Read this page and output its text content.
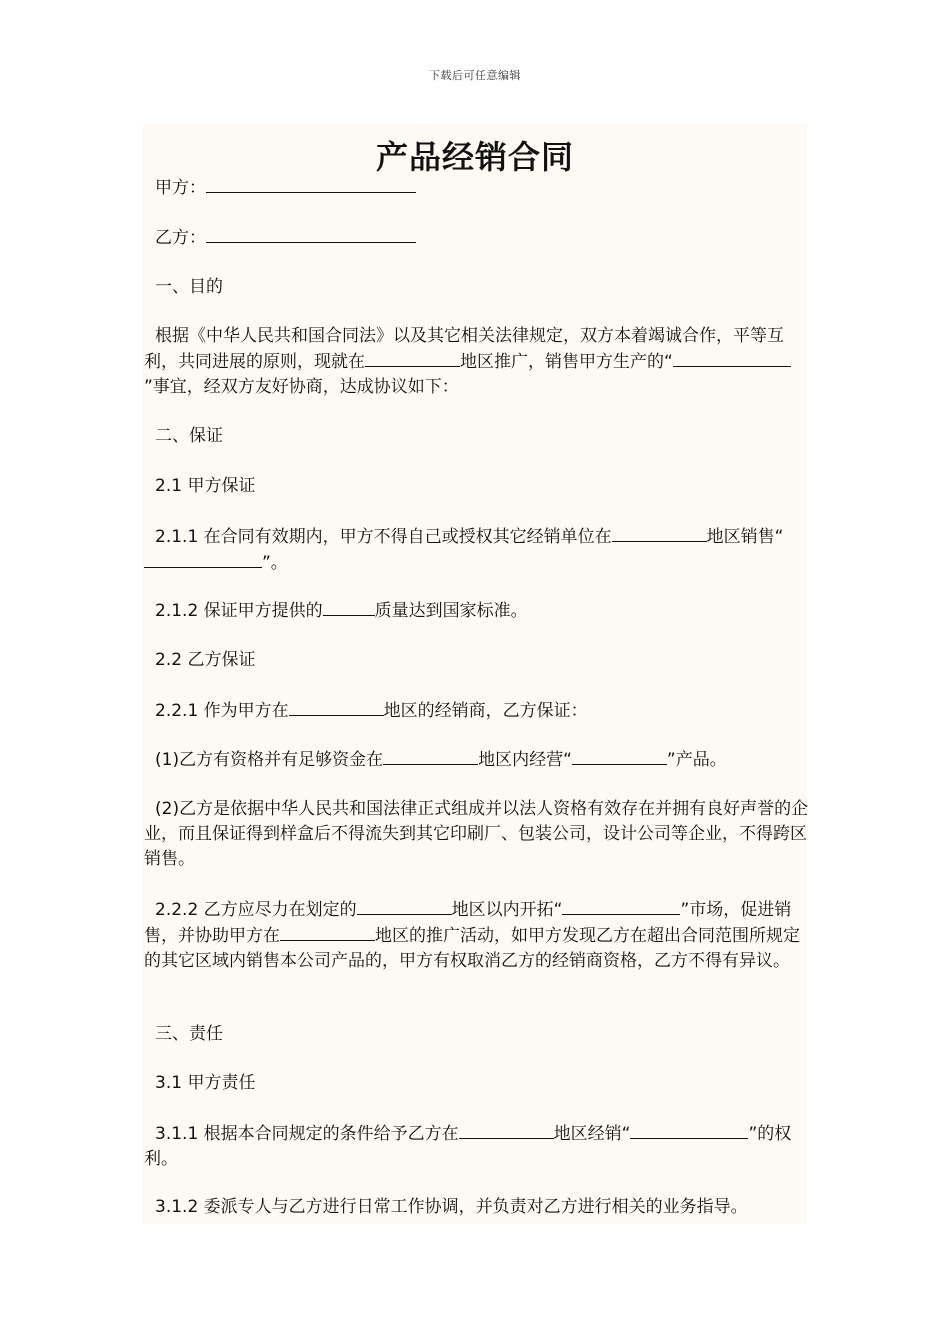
下载后可任意编辑
产品经销合同
甲方：
乙方：
一、目的
根据《中华人民共和国合同法》以及其它相关法律规定，双方本着竭诚合作，平等互利，共同进展的原则，现就在	地区推广，销售甲方生产的“”事宜，经双方友好协商，达成协议如下：
二、保证
2.1 甲方保证
2.1.1 在合同有效期内，甲方不得自己或授权其它经销单位在	地区销售“”。
2.1.2 保证甲方提供的	质量达到国家标准。
2.2 乙方保证
2.2.1 作为甲方在	地区的经销商，乙方保证：
(1)乙方有资格并有足够资金在	地区内经营“	”产品。
(2)乙方是依据中华人民共和国法律正式组成并以法人资格有效存在并拥有良好声誉的企业，而且保证得到样盒后不得流失到其它印刷厂、包装公司，设计公司等企业，不得跨区销售。
2.2.2 乙方应尽力在划定的	地区以内开拓“	”市场，促进销售，并协助甲方在	地区的推广活动，如甲方发现乙方在超出合同范围所规定的其它区域内销售本公司产品的，甲方有权取消乙方的经销商资格，乙方不得有异议。
三、责任
3.1 甲方责任
3.1.1 根据本合同规定的条件给予乙方在	地区经销“	”的权利。
3.1.2 委派专人与乙方进行日常工作协调，并负责对乙方进行相关的业务指导。
